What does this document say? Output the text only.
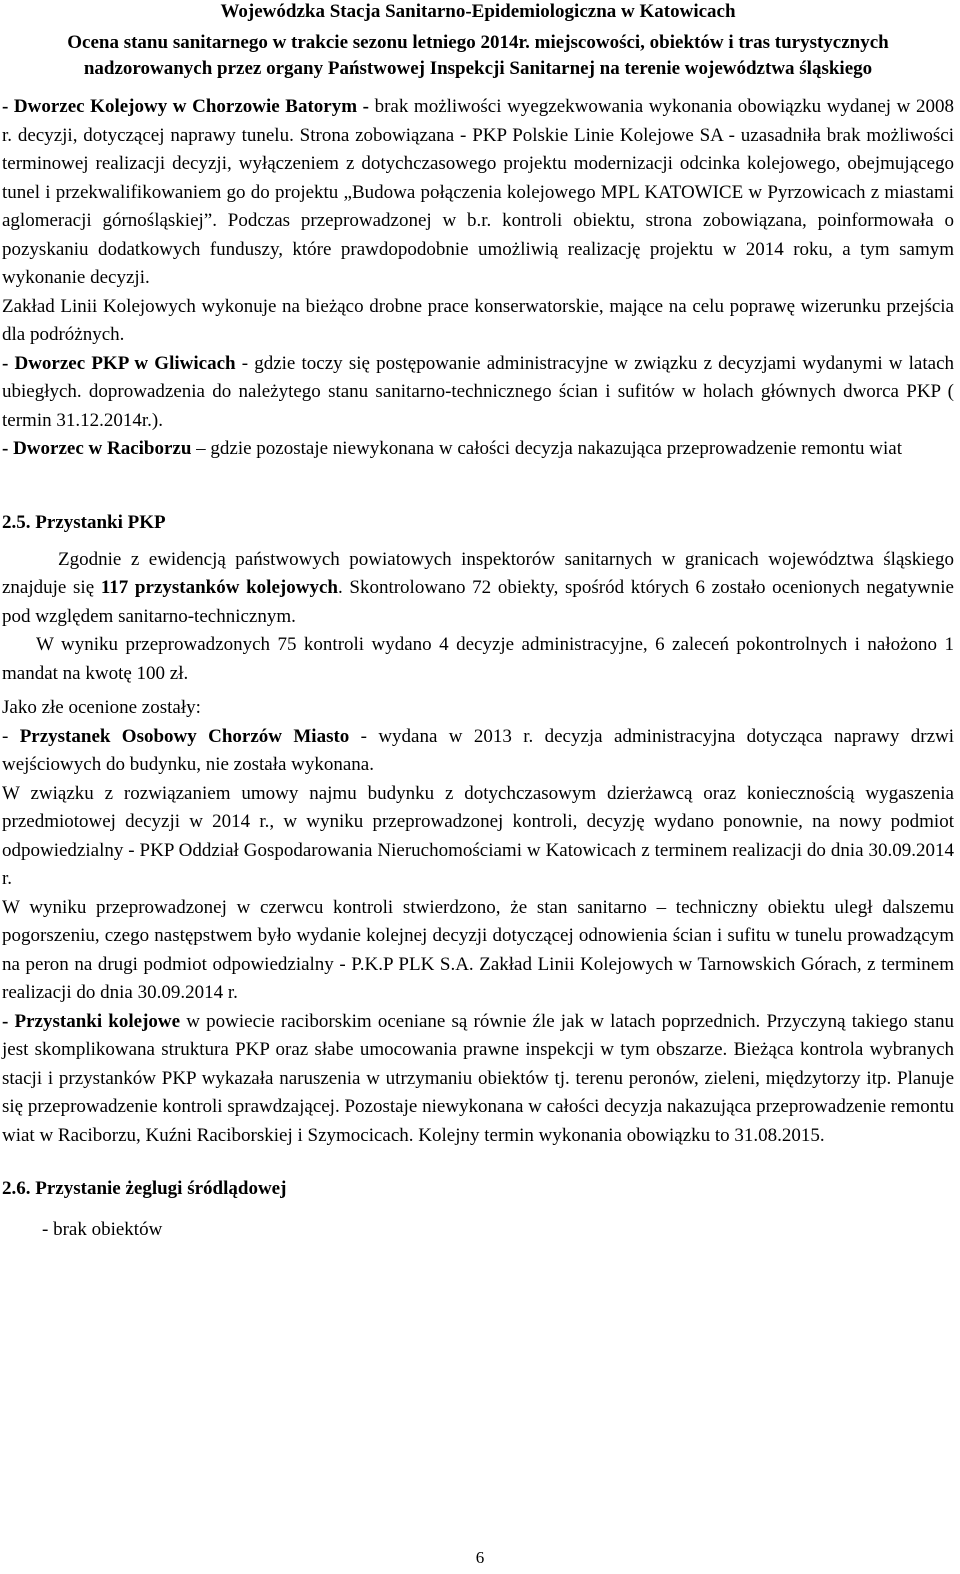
Wojewódzka Stacja Sanitarno-Epidemiologiczna w Katowicach

Ocena stanu sanitarnego w trakcie sezonu letniego 2014r. miejscowości, obiektów i tras turystycznych nadzorowanych przez organy Państwowej Inspekcji Sanitarnej na terenie województwa śląskiego

- Dworzec Kolejowy w Chorzowie Batorym - brak możliwości wyegzekwowania wykonania obowiązku wydanej w 2008 r. decyzji, dotyczącej naprawy tunelu. Strona zobowiązana - PKP Polskie Linie Kolejowe SA - uzasadniła brak możliwości terminowej realizacji decyzji, wyłączeniem z dotychczasowego projektu modernizacji odcinka kolejowego, obejmującego tunel i przekwalifikowaniem go do projektu „Budowa połączenia kolejowego MPL KATOWICE w Pyrzowicach z miastami aglomeracji górnośląskiej”. Podczas przeprowadzonej w b.r. kontroli obiektu, strona zobowiązana, poinformowała o pozyskaniu dodatkowych funduszy, które prawdopodobnie umożliwią realizację projektu w 2014 roku, a tym samym wykonanie decyzji.

Zakład Linii Kolejowych wykonuje na bieżąco drobne prace konserwatorskie, mające na celu poprawę wizerunku przejścia dla podróżnych.

- Dworzec PKP w Gliwicach - gdzie toczy się postępowanie administracyjne w związku z decyzjami wydanymi w latach ubiegłych. doprowadzenia do należytego stanu sanitarno-technicznego ścian i sufitów w holach głównych dworca PKP ( termin 31.12.2014r.).

- Dworzec w Raciborzu – gdzie pozostaje niewykonana w całości decyzja nakazująca przeprowadzenie remontu wiat

2.5. Przystanki PKP

Zgodnie z ewidencją państwowych powiatowych inspektorów sanitarnych w granicach województwa śląskiego znajduje się 117 przystanków kolejowych. Skontrolowano 72 obiekty, spośród których 6 zostało ocenionych negatywnie pod względem sanitarno-technicznym.

W wyniku przeprowadzonych 75 kontroli wydano 4 decyzje administracyjne, 6 zaleceń pokontrolnych i nałożono 1 mandat na kwotę 100 zł.

Jako złe ocenione zostały:

- Przystanek Osobowy Chorzów Miasto - wydana w 2013 r. decyzja administracyjna dotycząca naprawy drzwi wejściowych do budynku, nie została wykonana.

W związku z rozwiązaniem umowy najmu budynku z dotychczasowym dzierżawcą oraz koniecznością wygaszenia przedmiotowej decyzji w 2014 r., w wyniku przeprowadzonej kontroli, decyzję wydano ponownie, na nowy podmiot odpowiedzialny - PKP Oddział Gospodarowania Nieruchomościami w Katowicach z terminem realizacji do dnia 30.09.2014 r.

W wyniku przeprowadzonej w czerwcu kontroli stwierdzono, że stan sanitarno – techniczny obiektu uległ dalszemu pogorszeniu, czego następstwem było wydanie kolejnej decyzji dotyczącej odnowienia ścian i sufitu w tunelu prowadzącym na peron na drugi podmiot odpowiedzialny - P.K.P PLK S.A. Zakład Linii Kolejowych w Tarnowskich Górach, z terminem realizacji do dnia 30.09.2014 r.

- Przystanki kolejowe w powiecie raciborskim oceniane są równie źle jak w latach poprzednich. Przyczyną takiego stanu jest skomplikowana struktura PKP oraz słabe umocowania prawne inspekcji w tym obszarze. Bieżąca kontrola wybranych stacji i przystanków PKP wykazała naruszenia w utrzymaniu obiektów tj. terenu peronów, zieleni, międzytorzy itp. Planuje się przeprowadzenie kontroli sprawdzającej. Pozostaje niewykonana w całości decyzja nakazująca przeprowadzenie remontu wiat w Raciborzu, Kuźni Raciborskiej i Szymocicach. Kolejny termin wykonania obowiązku to 31.08.2015.

2.6. Przystanie żeglugi śródlądowej

- brak obiektów

6
